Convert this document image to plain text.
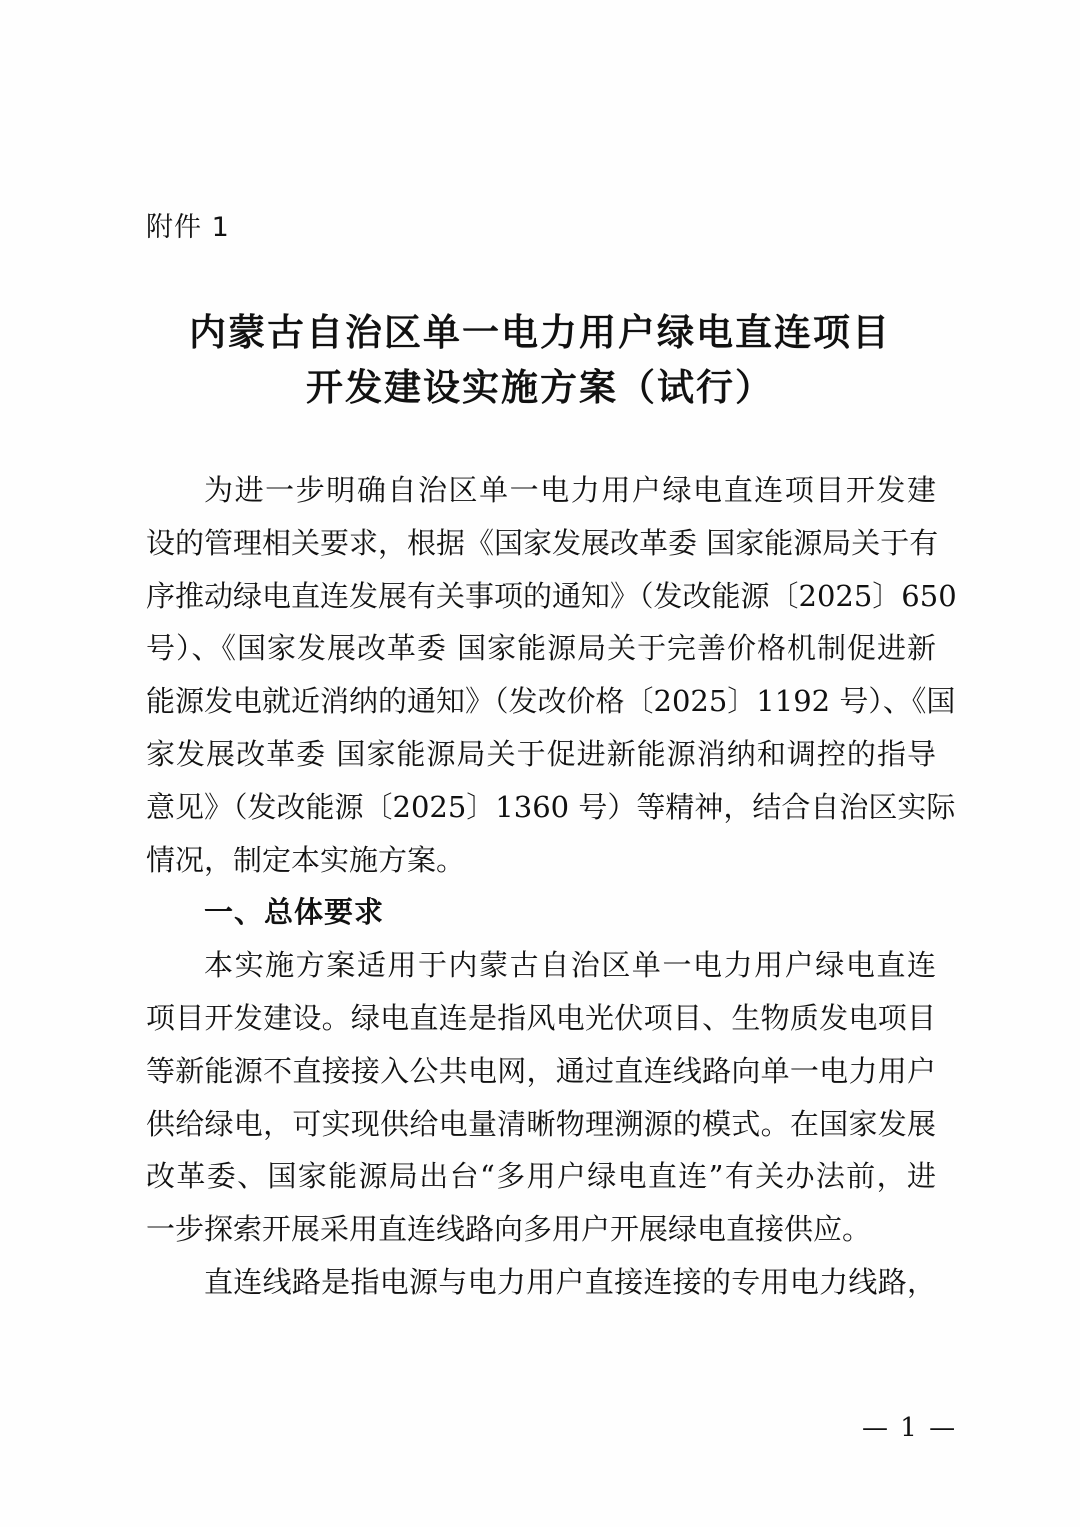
附件 1
内蒙古自治区单一电力用户绿电直连项目
开发建设实施方案（试行）
为进一步明确自治区单一电力用户绿电直连项目开发建
设的管理相关要求，根据《国家发展改革委 国家能源局关于有
序推动绿电直连发展有关事项的通知》（发改能源〔2025〕650
号）、《国家发展改革委 国家能源局关于完善价格机制促进新
能源发电就近消纳的通知》（发改价格〔2025〕1192 号）、《国
家发展改革委 国家能源局关于促进新能源消纳和调控的指导
意见》（发改能源〔2025〕1360 号）等精神，结合自治区实际
情况，制定本实施方案。
一、总体要求
本实施方案适用于内蒙古自治区单一电力用户绿电直连
项目开发建设。绿电直连是指风电光伏项目、生物质发电项目
等新能源不直接接入公共电网，通过直连线路向单一电力用户
供给绿电，可实现供给电量清晰物理溯源的模式。在国家发展
改革委、国家能源局出台“多用户绿电直连”有关办法前，进
一步探索开展采用直连线路向多用户开展绿电直接供应。
直连线路是指电源与电力用户直接连接的专用电力线路，
— 1 —
